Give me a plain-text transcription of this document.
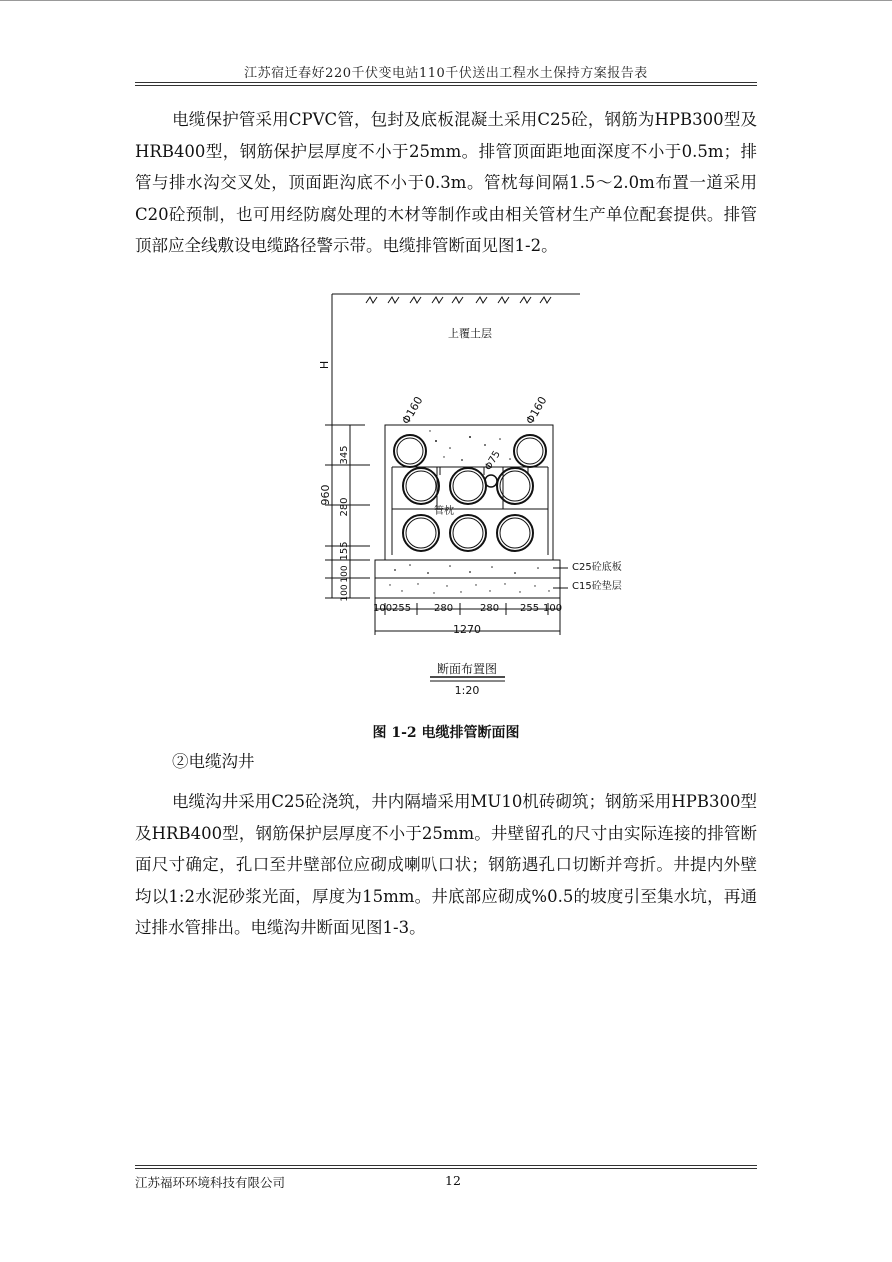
江苏宿迁春好220千伏变电站110千伏送出工程水土保持方案报告表

电缆保护管采用CPVC管，包封及底板混凝土采用C25砼，钢筋为HPB300型及HRB400型，钢筋保护层厚度不小于25mm。排管顶面距地面深度不小于0.5m；排管与排水沟交叉处，顶面距沟底不小于0.3m。管枕每间隔1.5～2.0m布置一道采用C20砼预制，也可用经防腐处理的木材等制作或由相关管材生产单位配套提供。排管顶部应全线敷设电缆路径警示带。电缆排管断面见图1-2。

上覆土层
H
Φ160	Φ160
Φ75
管枕
C25砼底板
C15砼垫层
960
345
280
155
100
100
100 255 280	280 255 100
1270
断面布置图
1:20
图 1-2 电缆排管断面图
②电缆沟井

电缆沟井采用C25砼浇筑，井内隔墙采用MU10机砖砌筑；钢筋采用HPB300型及HRB400型，钢筋保护层厚度不小于25mm。井壁留孔的尺寸由实际连接的排管断面尺寸确定，孔口至井壁部位应砌成喇叭口状；钢筋遇孔口切断并弯折。井提内外壁均以1:2水泥砂浆光面，厚度为15mm。井底部应砌成%0.5的坡度引至集水坑，再通过排水管排出。电缆沟井断面见图1-3。

江苏福环环境科技有限公司	12
